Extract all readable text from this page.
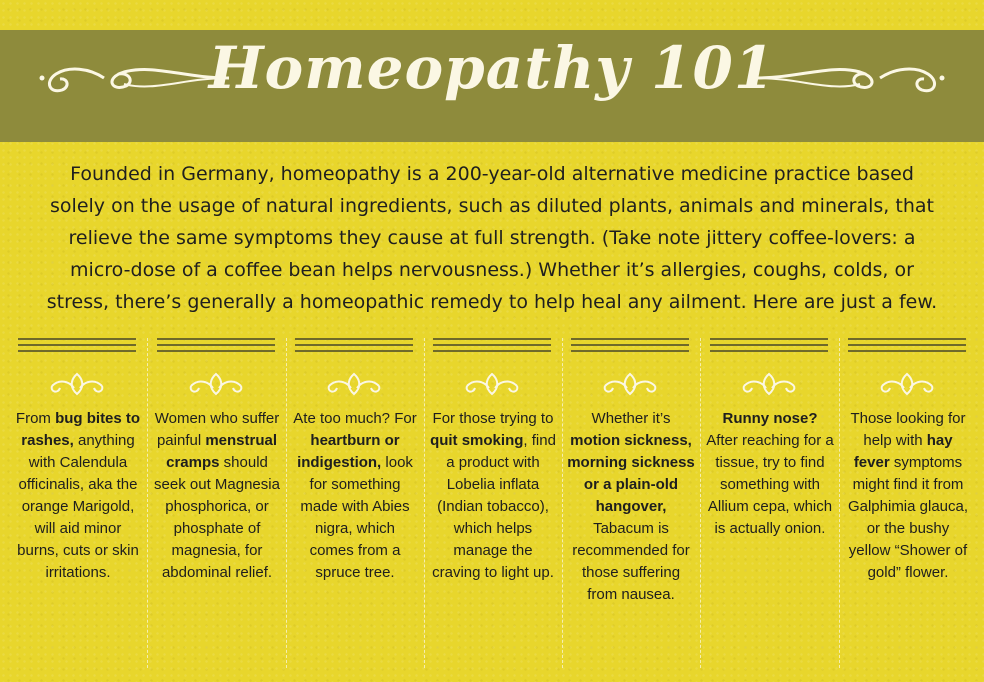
Homeopathy 101
Founded in Germany, homeopathy is a 200-year-old alternative medicine practice based solely on the usage of natural ingredients, such as diluted plants, animals and minerals, that relieve the same symptoms they cause at full strength. (Take note jittery coffee-lovers: a micro-dose of a coffee bean helps nervousness.) Whether it’s allergies, coughs, colds, or stress, there’s generally a homeopathic remedy to help heal any ailment. Here are just a few.
From bug bites to rashes, anything with Calendula officinalis, aka the orange Marigold, will aid minor burns, cuts or skin irritations.
Women who suffer painful menstrual cramps should seek out Magnesia phosphorica, or phosphate of magnesia, for abdominal relief.
Ate too much? For heartburn or indigestion, look for something made with Abies nigra, which comes from a spruce tree.
For those trying to quit smoking, find a product with Lobelia inflata (Indian tobacco), which helps manage the craving to light up.
Whether it’s motion sickness, morning sickness or a plain-old hangover, Tabacum is recommended for those suffering from nausea.
Runny nose? After reaching for a tissue, try to find something with Allium cepa, which is actually onion.
Those looking for help with hay fever symptoms might find it from Galphimia glauca, or the bushy yellow “Shower of gold” flower.
